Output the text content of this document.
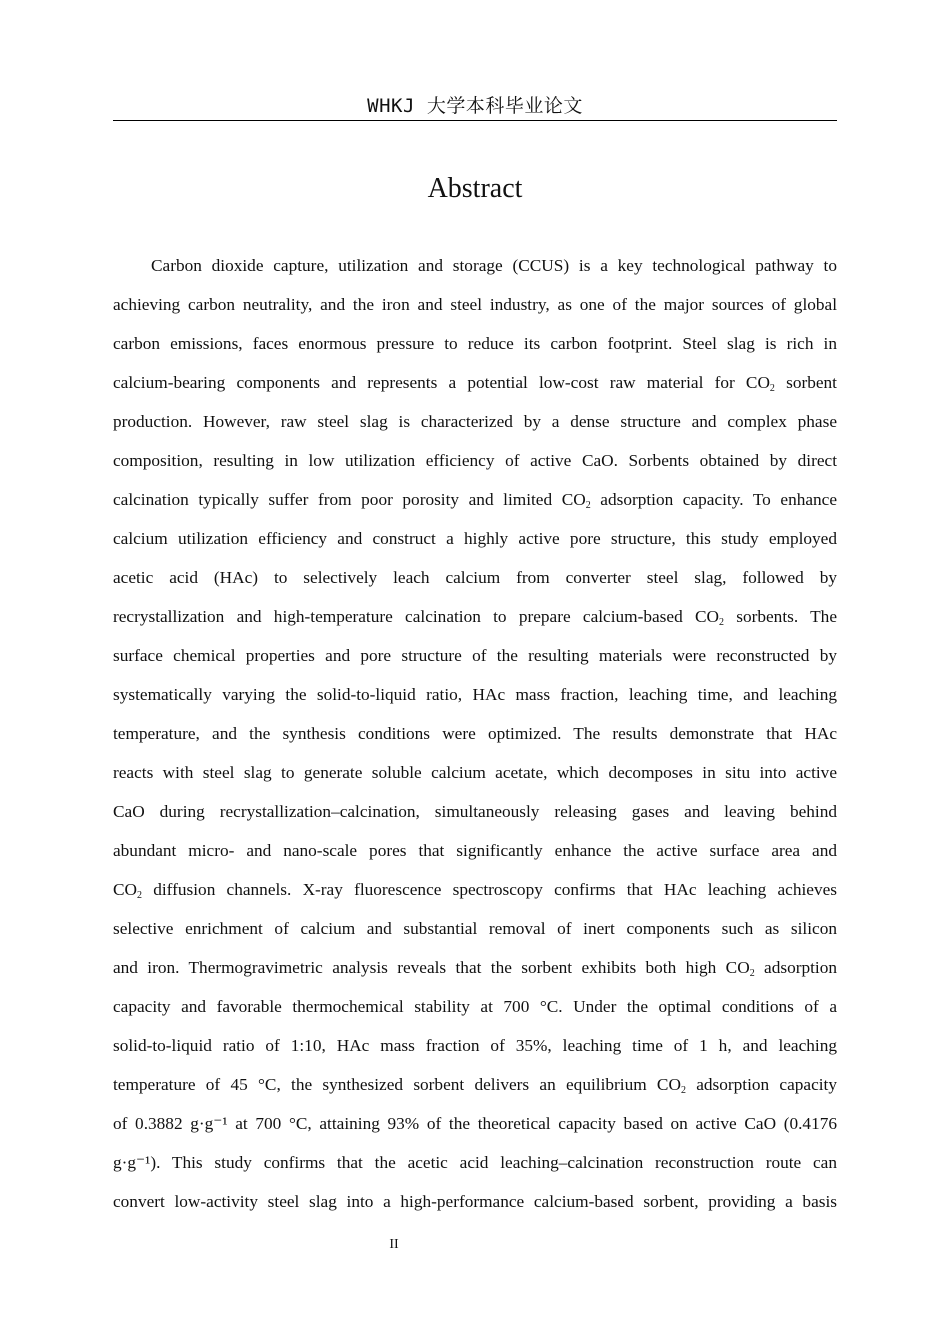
WHKJ 大学本科毕业论文
Abstract
Carbon dioxide capture, utilization and storage (CCUS) is a key technological pathway to
achieving carbon neutrality, and the iron and steel industry, as one of the major sources of global
carbon emissions, faces enormous pressure to reduce its carbon footprint. Steel slag is rich in
calcium-bearing components and represents a potential low-cost raw material for $CO_2$ sorbent
production. However, raw steel slag is characterized by a dense structure and complex phase
composition, resulting in low utilization efficiency of active CaO. Sorbents obtained by direct
calcination typically suffer from poor porosity and limited $CO_2$ adsorption capacity. To enhance
calcium utilization efficiency and construct a highly active pore structure, this study employed
acetic acid (HAc) to selectively leach calcium from converter steel slag, followed by
recrystallization and high-temperature calcination to prepare calcium-based $CO_2$ sorbents. The
surface chemical properties and pore structure of the resulting materials were reconstructed by
systematically varying the solid-to-liquid ratio, HAc mass fraction, leaching time, and leaching
temperature, and the synthesis conditions were optimized. The results demonstrate that HAc
reacts with steel slag to generate soluble calcium acetate, which decomposes in situ into active
CaO during recrystallization–calcination, simultaneously releasing gases and leaving behind
abundant micro- and nano-scale pores that significantly enhance the active surface area and
$CO_2$ diffusion channels. X-ray fluorescence spectroscopy confirms that HAc leaching achieves
selective enrichment of calcium and substantial removal of inert components such as silicon
and iron. Thermogravimetric analysis reveals that the sorbent exhibits both high $CO_2$ adsorption
capacity and favorable thermochemical stability at 700 °C. Under the optimal conditions of a
solid-to-liquid ratio of 1:10, HAc mass fraction of 35%, leaching time of 1 h, and leaching
temperature of 45 °C, the synthesized sorbent delivers an equilibrium $CO_2$ adsorption capacity
of 0.3882 g·g⁻¹ at 700 °C, attaining 93% of the theoretical capacity based on active CaO (0.4176
g·g⁻¹). This study confirms that the acetic acid leaching–calcination reconstruction route can
convert low-activity steel slag into a high-performance calcium-based sorbent, providing a basis
II
